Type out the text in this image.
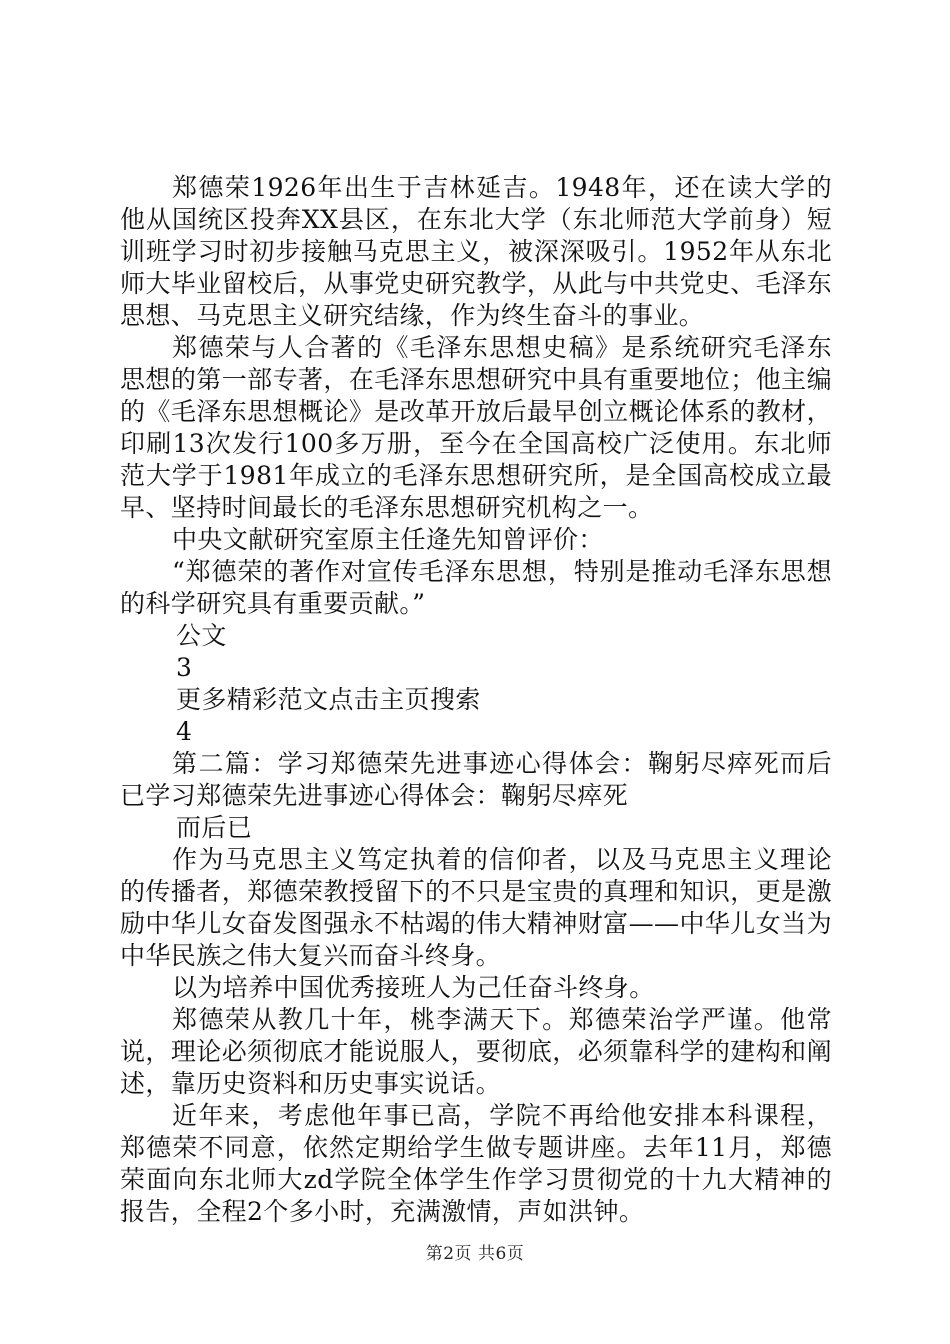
郑德荣1926年出生于吉林延吉。1948年，还在读大学的他从国统区投奔XX县区，在东北大学（东北师范大学前身）短训班学习时初步接触马克思主义，被深深吸引。1952年从东北师大毕业留校后，从事党史研究教学，从此与中共党史、毛泽东思想、马克思主义研究结缘，作为终生奋斗的事业。

郑德荣与人合著的《毛泽东思想史稿》是系统研究毛泽东思想的第一部专著，在毛泽东思想研究中具有重要地位；他主编的《毛泽东思想概论》是改革开放后最早创立概论体系的教材，印刷13次发行100多万册，至今在全国高校广泛使用。东北师范大学于1981年成立的毛泽东思想研究所，是全国高校成立最早、坚持时间最长的毛泽东思想研究机构之一。

中央文献研究室原主任逄先知曾评价：

“郑德荣的著作对宣传毛泽东思想，特别是推动毛泽东思想的科学研究具有重要贡献。”

公文

3

更多精彩范文点击主页搜索

4

第二篇：学习郑德荣先进事迹心得体会：鞠躬尽瘁死而后已学习郑德荣先进事迹心得体会：鞠躬尽瘁死

而后已

作为马克思主义笃定执着的信仰者，以及马克思主义理论的传播者，郑德荣教授留下的不只是宝贵的真理和知识，更是激励中华儿女奋发图强永不枯竭的伟大精神财富——中华儿女当为中华民族之伟大复兴而奋斗终身。

以为培养中国优秀接班人为己任奋斗终身。

郑德荣从教几十年，桃李满天下。郑德荣治学严谨。他常说，理论必须彻底才能说服人，要彻底，必须靠科学的建构和阐述，靠历史资料和历史事实说话。

近年来，考虑他年事已高，学院不再给他安排本科课程，郑德荣不同意，依然定期给学生做专题讲座。去年11月，郑德荣面向东北师大zd学院全体学生作学习贯彻党的十九大精神的报告，全程2个多小时，充满激情，声如洪钟。

第2页 共6页
